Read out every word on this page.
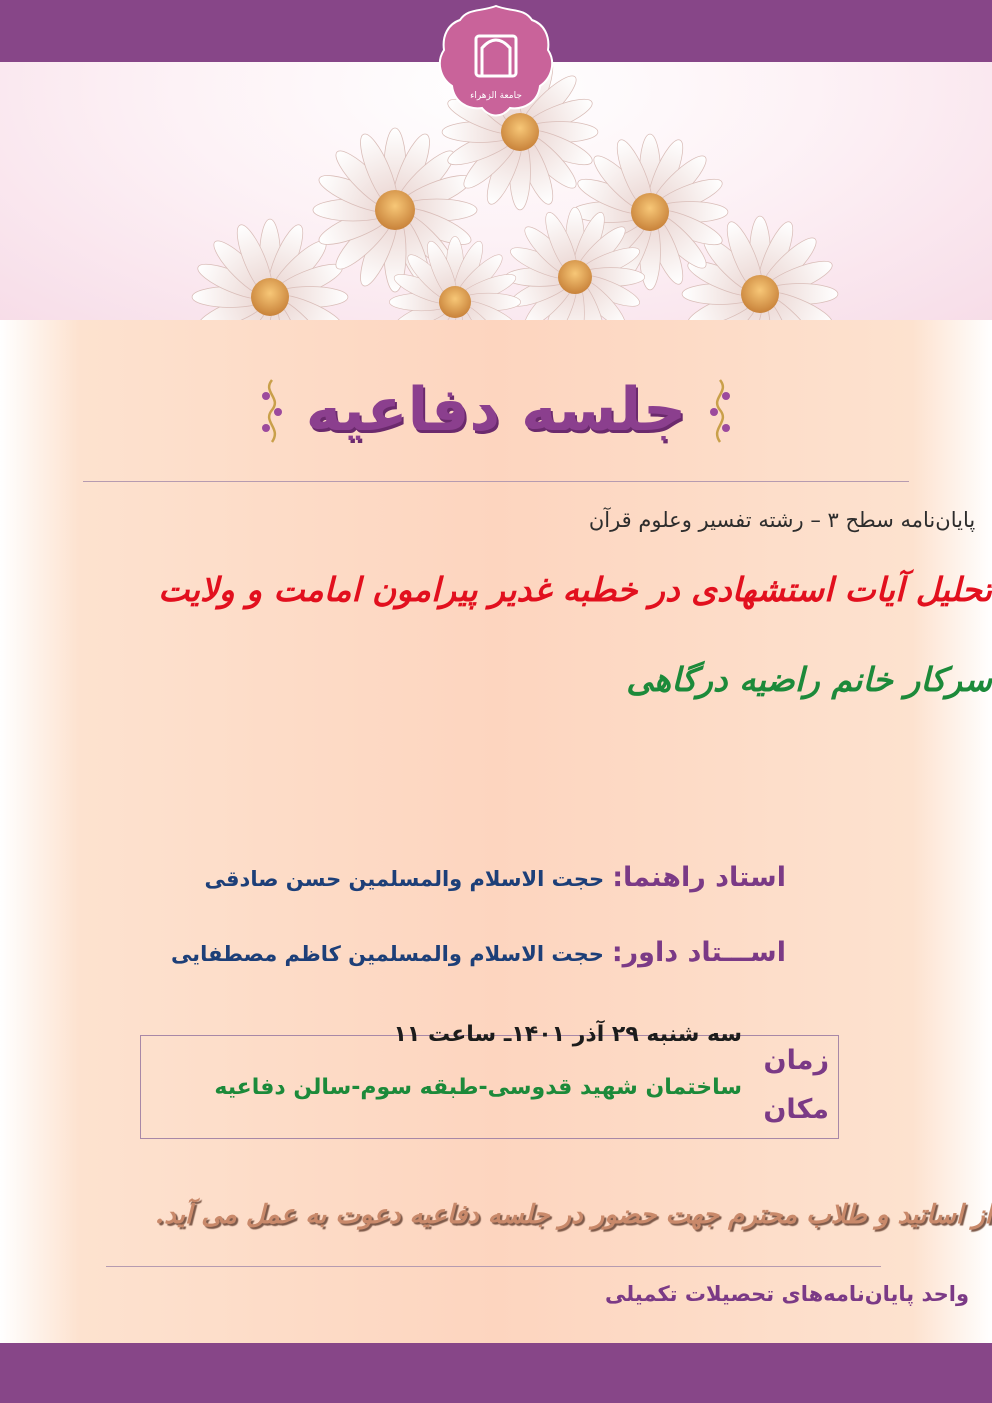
جامعة الزهراء
جلسه دفاعیه
پایان‌نامه سطح ۳ – رشته تفسیر وعلوم قرآن
تحلیل آیات استشهادی در خطبه غدیر پیرامون امامت و ولایت
سرکار خانم راضیه درگاهی
استاد راهنما:
حجت الاسلام والمسلمین حسن صادقی
اســـتاد داور:
حجت الاسلام والمسلمین کاظم مصطفایی
سه شنبه ۲۹ آذر ۱۴۰۱ـ ساعت ۱۱
ساختمان شهید قدوسی-طبقه سوم-سالن دفاعیه
زمان
مکان
از اساتید و طلاب محترم جهت حضور در جلسه دفاعیه دعوت به عمل می آید.
واحد پایان‌نامه‌های تحصیلات تکمیلی
